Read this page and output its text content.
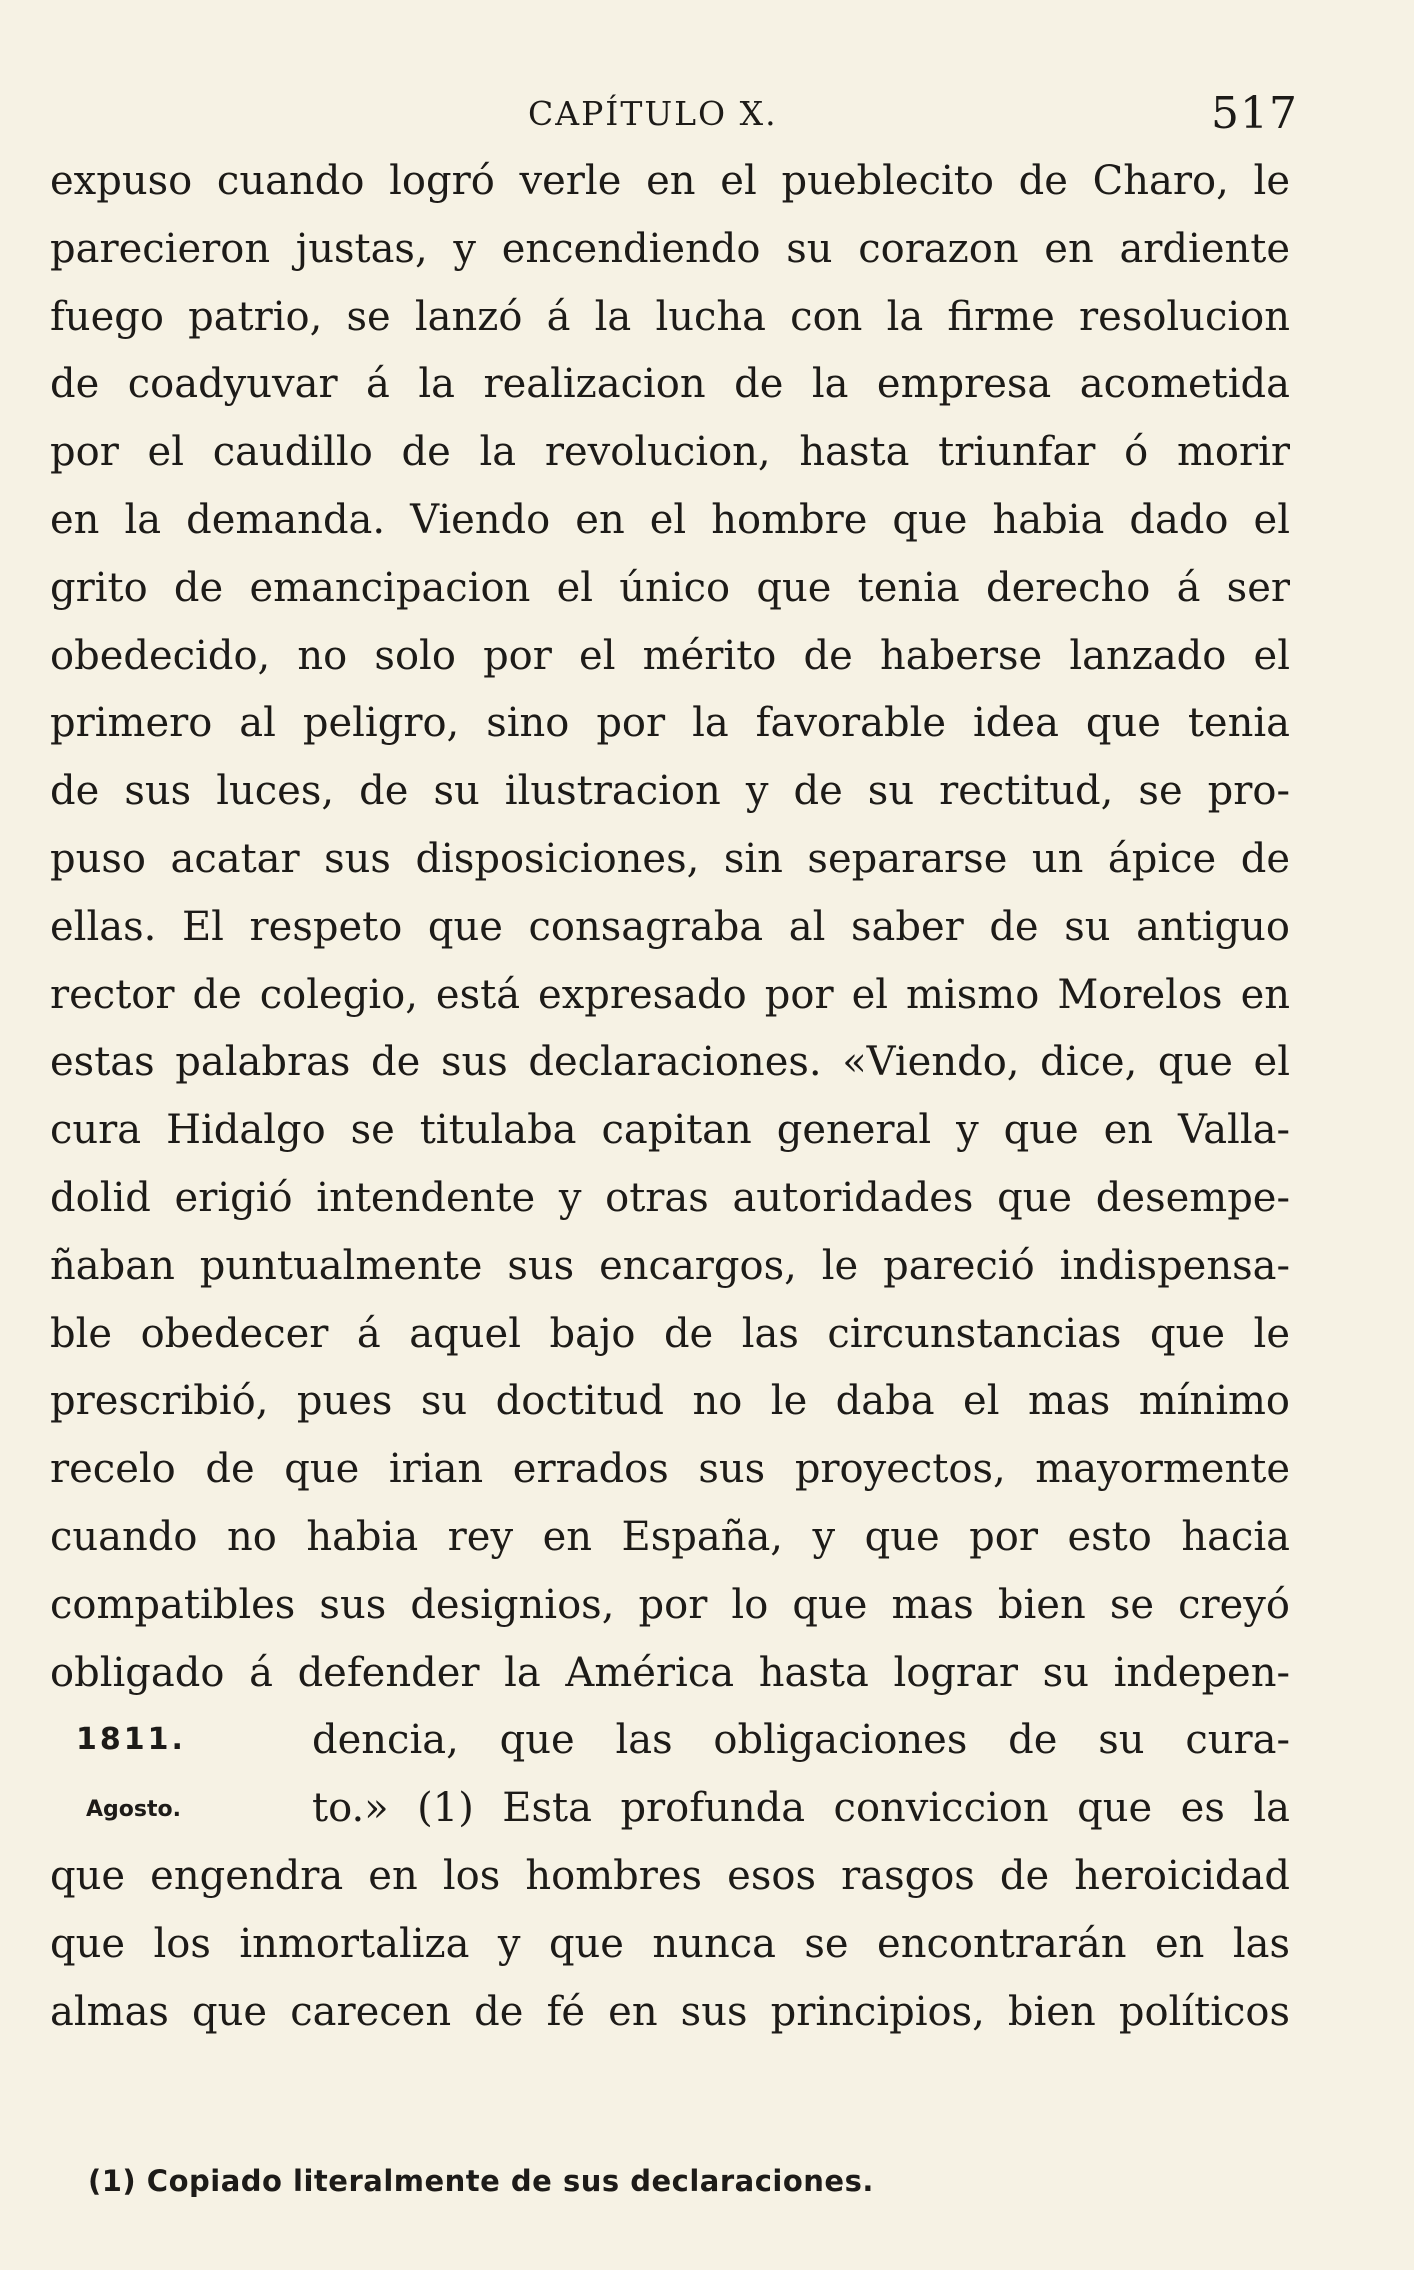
CAPÍTULO X.	517
expuso cuando logró verle en el pueblecito de Charo, le
parecieron justas, y encendiendo su corazon en ardiente
fuego patrio, se lanzó á la lucha con la firme resolucion
de coadyuvar á la realizacion de la empresa acometida
por el caudillo de la revolucion, hasta triunfar ó morir
en la demanda. Viendo en el hombre que habia dado el
grito de emancipacion el único que tenia derecho á ser
obedecido, no solo por el mérito de haberse lanzado el
primero al peligro, sino por la favorable idea que tenia
de sus luces, de su ilustracion y de su rectitud, se pro-
puso acatar sus disposiciones, sin separarse un ápice de
ellas. El respeto que consagraba al saber de su antiguo
rector de colegio, está expresado por el mismo Morelos en
estas palabras de sus declaraciones. «Viendo, dice, que el
cura Hidalgo se titulaba capitan general y que en Valla-
dolid erigió intendente y otras autoridades que desempe-
ñaban puntualmente sus encargos, le pareció indispensa-
ble obedecer á aquel bajo de las circunstancias que le
prescribió, pues su doctitud no le daba el mas mínimo
recelo de que irian errados sus proyectos, mayormente
cuando no habia rey en España, y que por esto hacia
compatibles sus designios, por lo que mas bien se creyó
obligado á defender la América hasta lograr su indepen-
dencia, que las obligaciones de su cura-
to.» (1) Esta profunda conviccion que es la
que engendra en los hombres esos rasgos de heroicidad
que los inmortaliza y que nunca se encontrarán en las
almas que carecen de fé en sus principios, bien políticos
1811.
Agosto.
(1) Copiado literalmente de sus declaraciones.
